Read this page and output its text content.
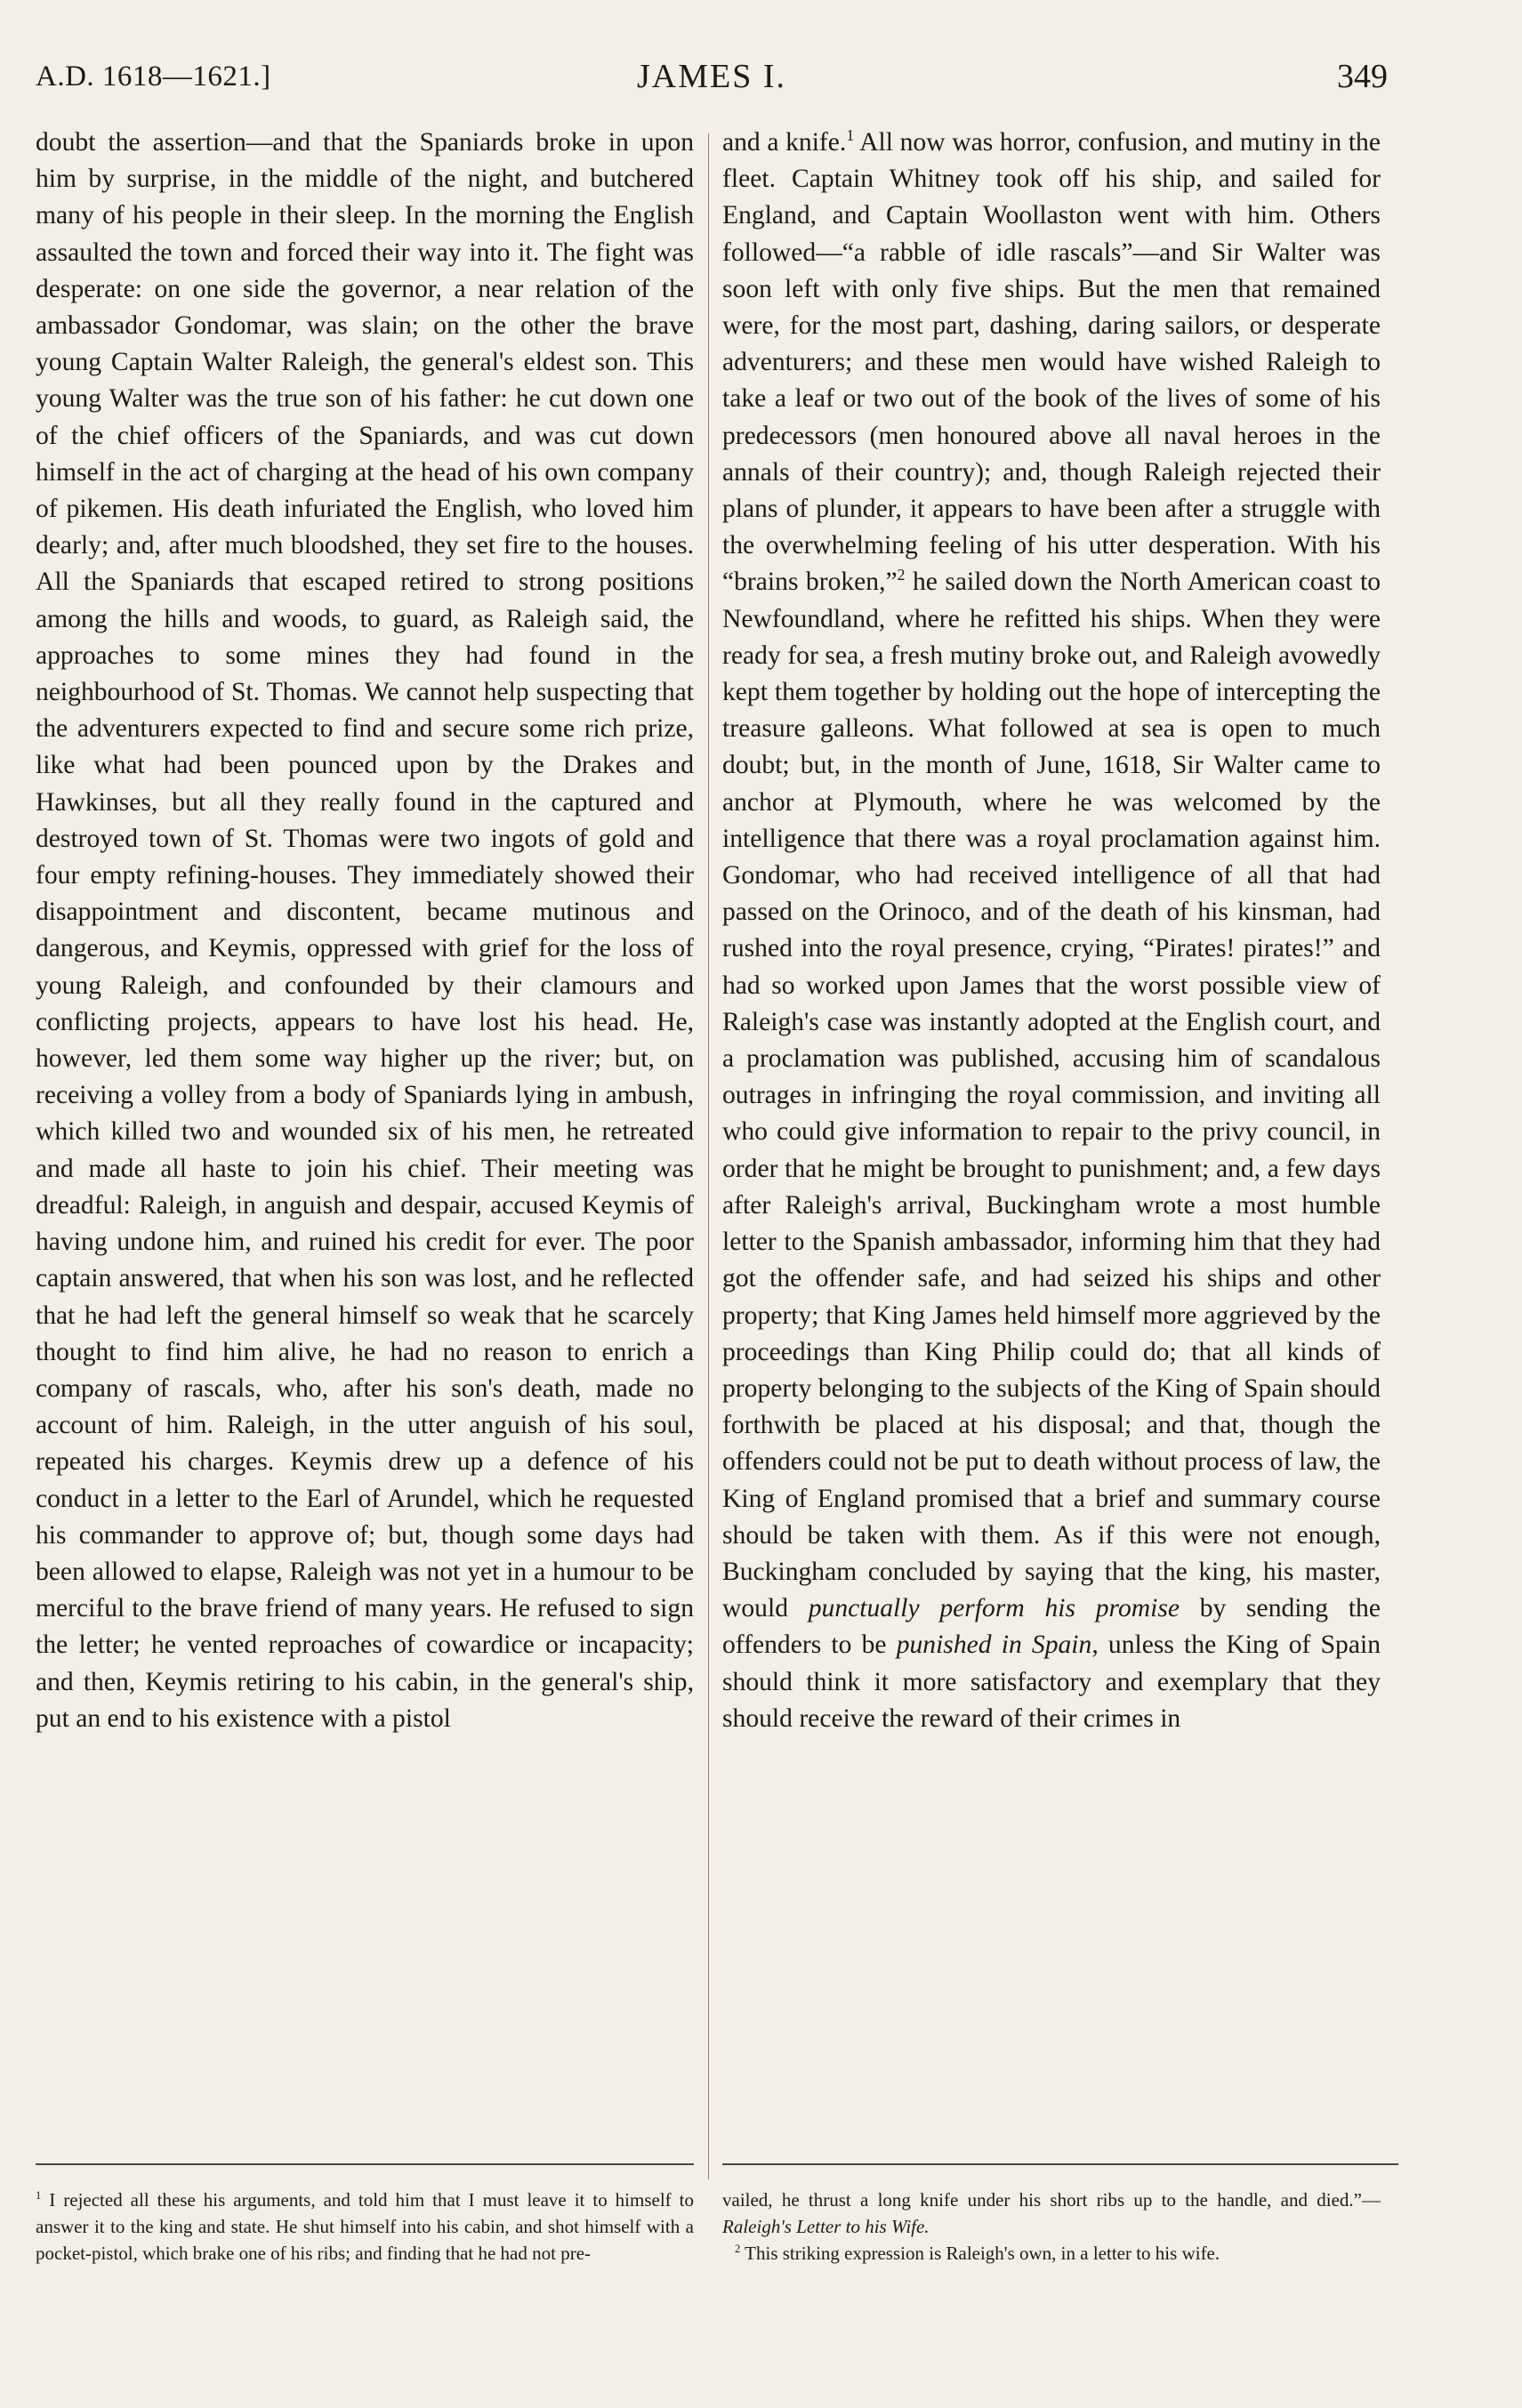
A.D. 1618—1621.]	JAMES I.	349

doubt the assertion—and that the Spaniards broke in upon him by surprise, in the middle of the night, and butchered many of his people in their sleep. In the morning the English assaulted the town and forced their way into it. The fight was desperate: on one side the governor, a near relation of the ambassador Gondomar, was slain; on the other the brave young Captain Walter Raleigh, the general's eldest son. This young Walter was the true son of his father: he cut down one of the chief officers of the Spaniards, and was cut down himself in the act of charging at the head of his own company of pikemen. His death infuriated the English, who loved him dearly; and, after much bloodshed, they set fire to the houses. All the Spaniards that escaped retired to strong positions among the hills and woods, to guard, as Raleigh said, the approaches to some mines they had found in the neighbourhood of St. Thomas. We cannot help suspecting that the adventurers expected to find and secure some rich prize, like what had been pounced upon by the Drakes and Hawkinses, but all they really found in the captured and destroyed town of St. Thomas were two ingots of gold and four empty refining-houses. They immediately showed their disappointment and discontent, became mutinous and dangerous, and Keymis, oppressed with grief for the loss of young Raleigh, and confounded by their clamours and conflicting projects, appears to have lost his head. He, however, led them some way higher up the river; but, on receiving a volley from a body of Spaniards lying in ambush, which killed two and wounded six of his men, he retreated and made all haste to join his chief. Their meeting was dreadful: Raleigh, in anguish and despair, accused Keymis of having undone him, and ruined his credit for ever. The poor captain answered, that when his son was lost, and he reflected that he had left the general himself so weak that he scarcely thought to find him alive, he had no reason to enrich a company of rascals, who, after his son's death, made no account of him. Raleigh, in the utter anguish of his soul, repeated his charges. Keymis drew up a defence of his conduct in a letter to the Earl of Arundel, which he requested his commander to approve of; but, though some days had been allowed to elapse, Raleigh was not yet in a humour to be merciful to the brave friend of many years. He refused to sign the letter; he vented reproaches of cowardice or incapacity; and then, Keymis retiring to his cabin, in the general's ship, put an end to his existence with a pistol

and a knife.$^1$ All now was horror, confusion, and mutiny in the fleet. Captain Whitney took off his ship, and sailed for England, and Captain Woollaston went with him. Others followed—“a rabble of idle rascals”—and Sir Walter was soon left with only five ships. But the men that remained were, for the most part, dashing, daring sailors, or desperate adventurers; and these men would have wished Raleigh to take a leaf or two out of the book of the lives of some of his predecessors (men honoured above all naval heroes in the annals of their country); and, though Raleigh rejected their plans of plunder, it appears to have been after a struggle with the overwhelming feeling of his utter desperation. With his “brains broken,”$^2$ he sailed down the North American coast to Newfoundland, where he refitted his ships. When they were ready for sea, a fresh mutiny broke out, and Raleigh avowedly kept them together by holding out the hope of intercepting the treasure galleons. What followed at sea is open to much doubt; but, in the month of June, 1618, Sir Walter came to anchor at Plymouth, where he was welcomed by the intelligence that there was a royal proclamation against him. Gondomar, who had received intelligence of all that had passed on the Orinoco, and of the death of his kinsman, had rushed into the royal presence, crying, “Pirates! pirates!” and had so worked upon James that the worst possible view of Raleigh's case was instantly adopted at the English court, and a proclamation was published, accusing him of scandalous outrages in infringing the royal commission, and inviting all who could give information to repair to the privy council, in order that he might be brought to punishment; and, a few days after Raleigh's arrival, Buckingham wrote a most humble letter to the Spanish ambassador, informing him that they had got the offender safe, and had seized his ships and other property; that King James held himself more aggrieved by the proceedings than King Philip could do; that all kinds of property belonging to the subjects of the King of Spain should forthwith be placed at his disposal; and that, though the offenders could not be put to death without process of law, the King of England promised that a brief and summary course should be taken with them. As if this were not enough, Buckingham concluded by saying that the king, his master, would punctually perform his promise by sending the offenders to be punished in Spain, unless the King of Spain should think it more satisfactory and exemplary that they should receive the reward of their crimes in

$^1$ I rejected all these his arguments, and told him that I must leave it to himself to answer it to the king and state. He shut himself into his cabin, and shot himself with a pocket-pistol, which brake one of his ribs; and finding that he had not pre-

vailed, he thrust a long knife under his short ribs up to the handle, and died.”—Raleigh's Letter to his Wife.

$^2$ This striking expression is Raleigh's own, in a letter to his wife.
